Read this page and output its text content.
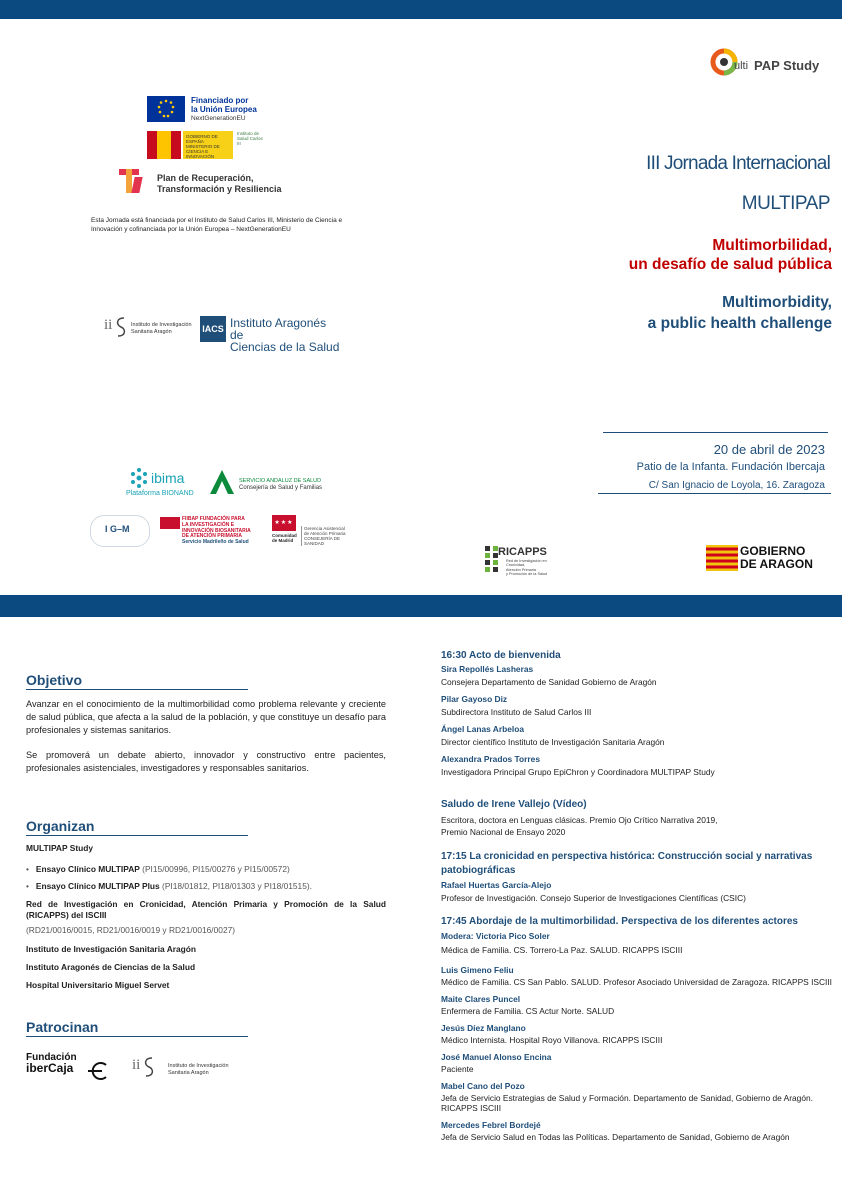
ulti PAP Study
Financiado por
la Unión Europea
NextGenerationEU
GOBIERNO DE ESPAÑA
MINISTERIO DE CIENCIA E INNOVACIÓN
Instituto de Salud Carlos III
Plan de Recuperación,
Transformación y Resiliencia
Esta Jornada está financiada por el Instituto de Salud Carlos III, Ministerio de Ciencia e Innovación y cofinanciada por la Unión Europea – NextGenerationEU
III Jornada Internacional
MULTIPAP
Multimorbilidad,
un desafío de salud pública
Multimorbidity,
a public health challenge
ii	Instituto de Investigación
Sanitaria Aragón	IACS Instituto Aragonés de
Ciencias de la Salud
20 de abril de 2023
Patio de la Infanta. Fundación Ibercaja
C/ San Ignacio de Loyola, 16. Zaragoza
ibima
Plataforma BIONAND
SERVICIO ANDALUZ DE SALUD
Consejería de Salud y Familias
I G–M
FIIBAP FUNDACIÓN PARA
LA INVESTIGACIÓN E
INNOVACIÓN BIOSANITARIA
DE ATENCIÓN PRIMARIA
Servicio Madrileño de Salud
★★★
Comunidad
de Madrid
Gerencia Asistencial
de Atención Primaria
CONSEJERÍA DE SANIDAD
RICAPPS
Red de Investigación en Cronicidad,
Atención Primaria
y Promoción de la Salud
GOBIERNO
DE ARAGON
Objetivo
Avanzar en el conocimiento de la multimorbilidad como problema relevante y creciente de salud pública, que afecta a la salud de la población, y que constituye un desafío para profesionales y sistemas sanitarios.
Se promoverá un debate abierto, innovador y constructivo entre pacientes, profesionales asistenciales, investigadores y responsables sanitarios.
Organizan
MULTIPAP Study
•   Ensayo Clínico MULTIPAP (PI15/00996, PI15/00276 y PI15/00572)
•   Ensayo Clínico MULTIPAP Plus (PI18/01812, PI18/01303 y PI18/01515).
Red de Investigación en Cronicidad, Atención Primaria y Promoción de la Salud (RICAPPS) del ISCIII
(RD21/0016/0015, RD21/0016/0019 y RD21/0016/0027)
Instituto de Investigación Sanitaria Aragón
Instituto Aragonés de Ciencias de la Salud
Hospital Universitario Miguel Servet
Patrocinan
Fundación
iberCaja	ii	Instituto de Investigación
Sanitaria Aragón
16:30 Acto de bienvenida
Sira Repollés Lasheras
Consejera Departamento de Sanidad Gobierno de Aragón
Pilar Gayoso Diz
Subdirectora Instituto de Salud Carlos III
Ángel Lanas Arbeloa
Director científico Instituto de Investigación Sanitaria Aragón
Alexandra Prados Torres
Investigadora Principal Grupo EpiChron y Coordinadora MULTIPAP Study
Saludo de Irene Vallejo (Vídeo)
Escritora, doctora en Lenguas clásicas. Premio Ojo Crítico Narrativa 2019,
Premio Nacional de Ensayo 2020
17:15 La cronicidad en perspectiva histórica: Construcción social y narrativas
patobiográficas
Rafael Huertas García-Alejo
Profesor de Investigación. Consejo Superior de Investigaciones Científicas (CSIC)
17:45 Abordaje de la multimorbilidad. Perspectiva de los diferentes actores
Modera: Victoria Pico Soler
Médica de Familia. CS. Torrero-La Paz. SALUD. RICAPPS ISCIII
Luis Gimeno Feliu
Médico de Familia. CS San Pablo. SALUD. Profesor Asociado Universidad de Zaragoza. RICAPPS ISCIII
Maite Clares Puncel
Enfermera de Familia. CS Actur Norte. SALUD
Jesús Díez Manglano
Médico Internista. Hospital Royo Villanova. RICAPPS ISCIII
José Manuel Alonso Encina
Paciente
Mabel Cano del Pozo
Jefa de Servicio Estrategias de Salud y Formación. Departamento de Sanidad, Gobierno de Aragón.
RICAPPS ISCIII
Mercedes Febrel Bordejé
Jefa de Servicio Salud en Todas las Políticas. Departamento de Sanidad, Gobierno de Aragón
